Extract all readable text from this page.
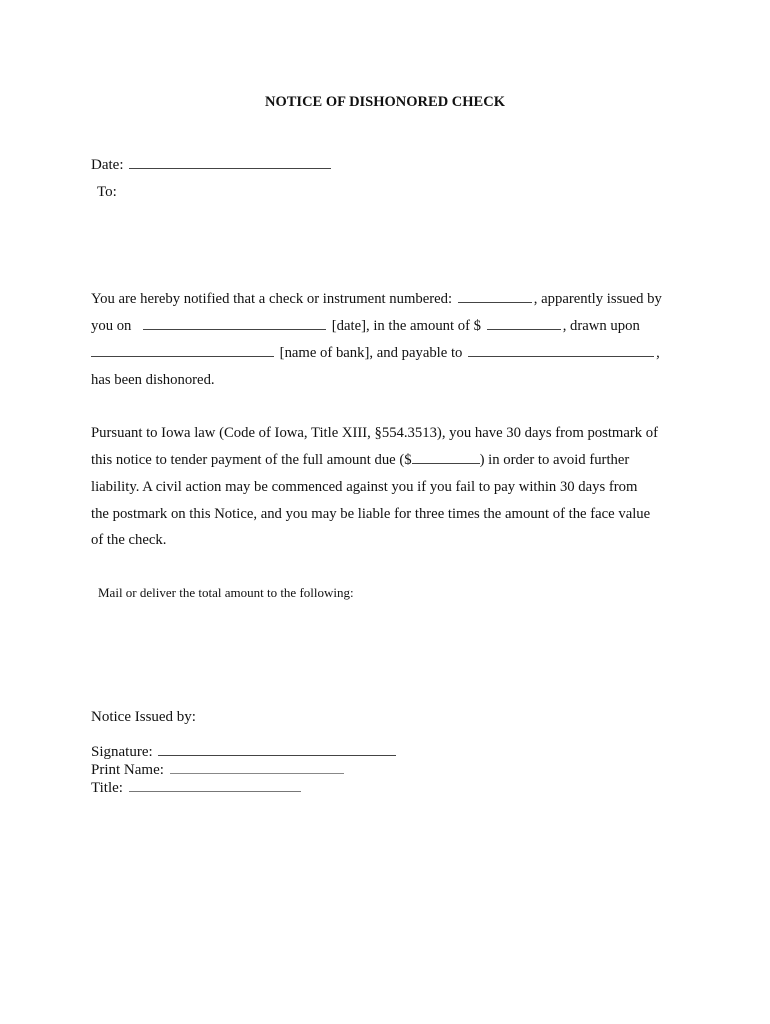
NOTICE OF DISHONORED CHECK
Date:
To:
You are hereby notified that a check or instrument numbered:	, apparently issued by
you on	[date], in the amount of $	, drawn upon
[name of bank], and payable to	,
has been dishonored.
Pursuant to Iowa law (Code of Iowa, Title XIII, §554.3513), you have 30 days from postmark of
this notice to tender payment of the full amount due ($	) in order to avoid further
liability. A civil action may be commenced against you if you fail to pay within 30 days from
the postmark on this Notice, and you may be liable for three times the amount of the face value
of the check.
Mail or deliver the total amount to the following:
Notice Issued by:
Signature:
Print Name:
Title:
